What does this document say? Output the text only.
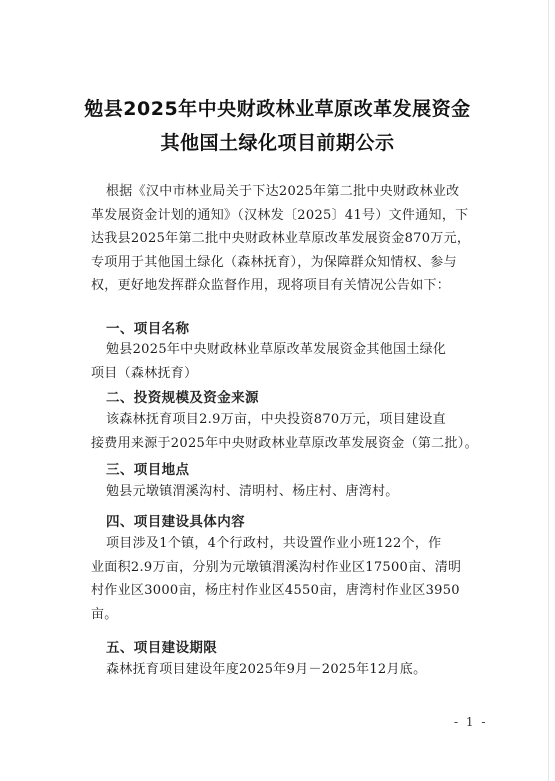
勉县2025年中央财政林业草原改革发展资金
其他国土绿化项目前期公示
根据《汉中市林业局关于下达2025年第二批中央财政林业改
革发展资金计划的通知》（汉林发〔2025〕41号）文件通知，下
达我县2025年第二批中央财政林业草原改革发展资金870万元，
专项用于其他国土绿化（森林抚育），为保障群众知情权、参与
权，更好地发挥群众监督作用，现将项目有关情况公告如下：
一、项目名称
勉县2025年中央财政林业草原改革发展资金其他国土绿化
项目（森林抚育）
二、投资规模及资金来源
该森林抚育项目2.9万亩，中央投资870万元，项目建设直
接费用来源于2025年中央财政林业草原改革发展资金（第二批）。
三、项目地点
勉县元墩镇渭溪沟村、清明村、杨庄村、唐湾村。
四、项目建设具体内容
项目涉及1个镇，4个行政村，共设置作业小班122个，作
业面积2.9万亩，分别为元墩镇渭溪沟村作业区17500亩、清明
村作业区3000亩，杨庄村作业区4550亩，唐湾村作业区3950
亩。
五、项目建设期限
森林抚育项目建设年度2025年9月－2025年12月底。
- 1 -
